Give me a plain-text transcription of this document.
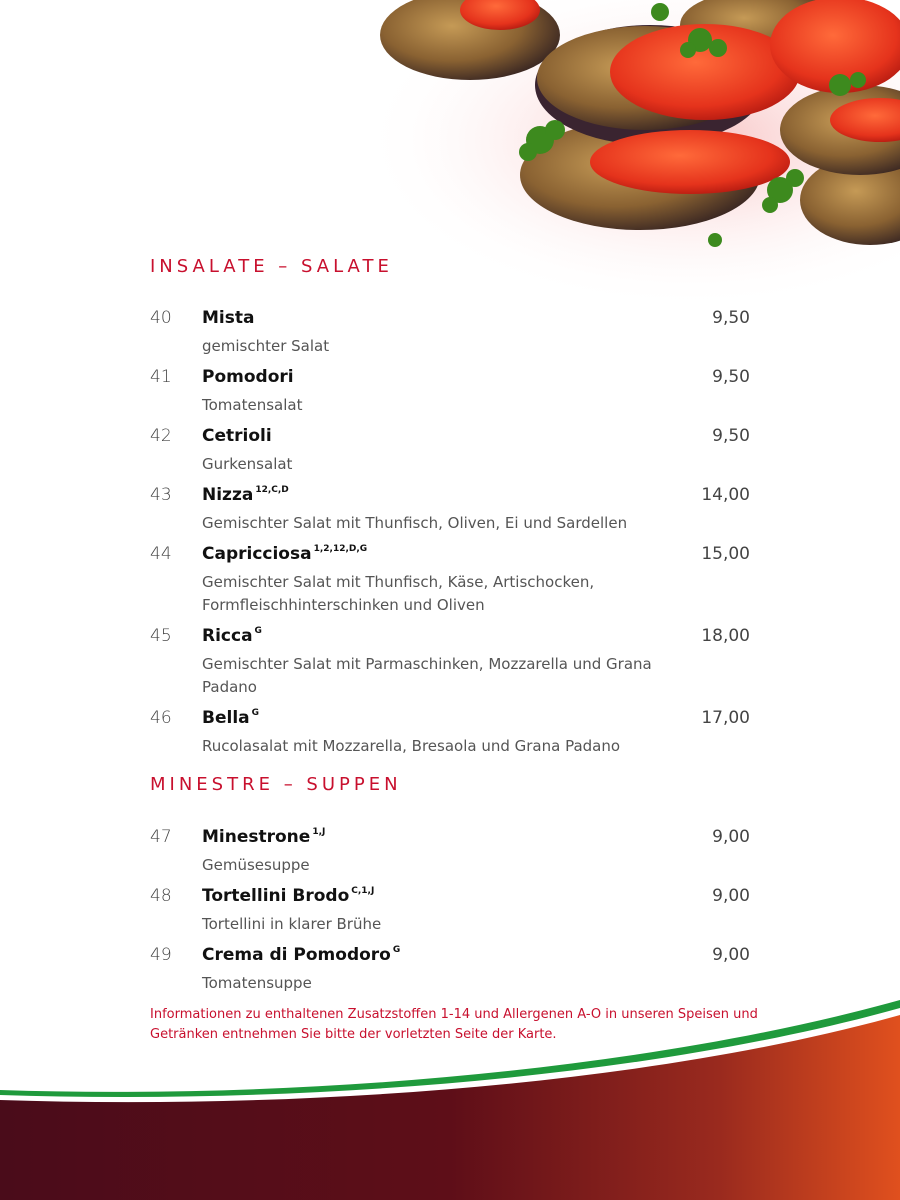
INSALATE – SALATE
40 Mista	9,50
gemischter Salat
41 Pomodori	9,50
Tomatensalat
42 Cetrioli	9,50
Gurkensalat
43 Nizza $^{12,C,D}$	14,00
Gemischter Salat mit Thunfisch, Oliven, Ei und Sardellen
44 Capricciosa $^{1,2,12,D,G}$	15,00
Gemischter Salat mit Thunfisch, Käse, Artischocken, Formfleischhinterschinken und Oliven
45 Ricca $^G$	18,00
Gemischter Salat mit Parmaschinken, Mozzarella und Grana Padano
46 Bella $^G$	17,00
Rucolasalat mit Mozzarella, Bresaola und Grana Padano
MINESTRE – SUPPEN
47 Minestrone $^{1,J}$	9,00
Gemüsesuppe
48 Tortellini Brodo $^{C,1,J}$	9,00
Tortellini in klarer Brühe
49 Crema di Pomodoro $^G$	9,00
Tomatensuppe
Informationen zu enthaltenen Zusatzstoffen 1-14 und Allergenen A-O in unseren Speisen und Getränken entnehmen Sie bitte der vorletzten Seite der Karte.
